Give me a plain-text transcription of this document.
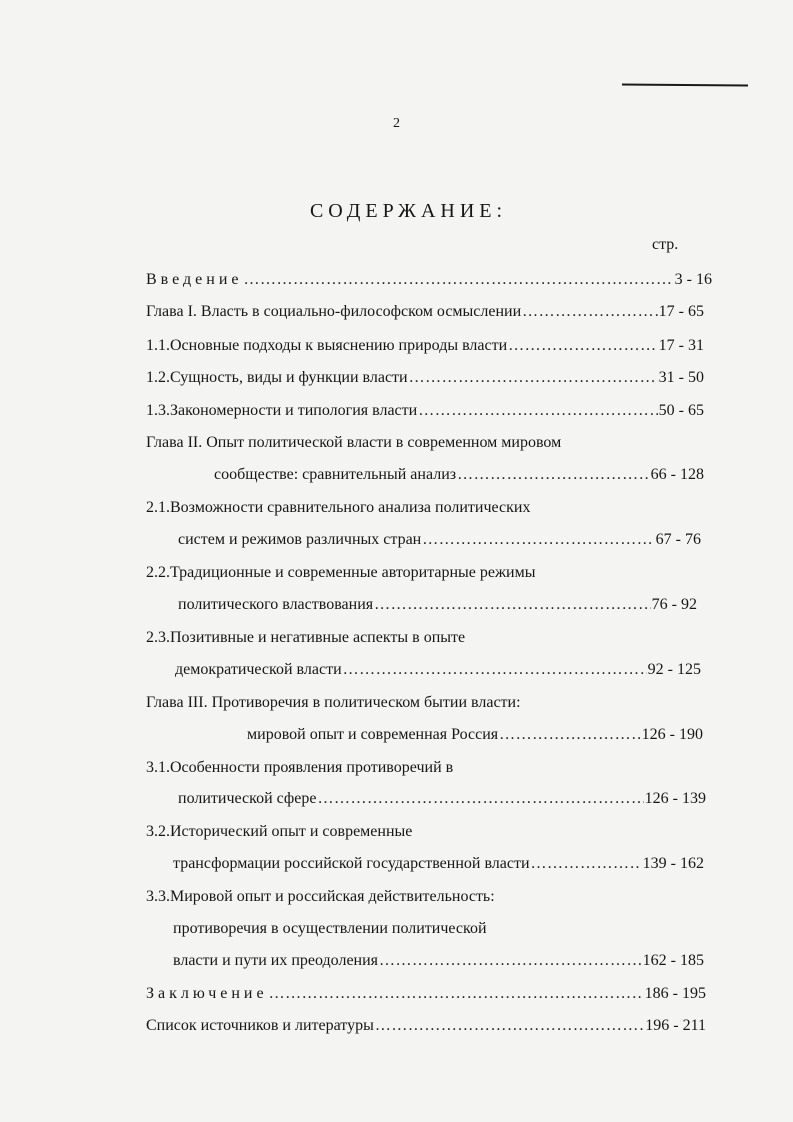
2
СОДЕРЖАНИЕ:
стр.
Введение ……………………………………………………………………………………………………………………………………………………………	3 - 16
Глава I. Власть в социально-философском осмыслении ……………………………………………………………………………………………………………………………………………………………	17 - 65
1.1.Основные подходы к выяснению природы власти ……………………………………………………………………………………………………………………………………………………………	17 - 31
1.2.Сущность, виды и функции власти ……………………………………………………………………………………………………………………………………………………………	31 - 50
1.3.Закономерности и типология власти ……………………………………………………………………………………………………………………………………………………………	50 - 65
Глава II. Опыт политической власти в современном мировом
сообществе: сравнительный анализ ……………………………………………………………………………………………………………………………………………………………	66 - 128
2.1.Возможности сравнительного анализа политических
систем и режимов различных стран ……………………………………………………………………………………………………………………………………………………………	67 - 76
2.2.Традиционные и современные авторитарные режимы
политического властвования ……………………………………………………………………………………………………………………………………………………………	76 - 92
2.3.Позитивные и негативные аспекты в опыте
демократической власти ……………………………………………………………………………………………………………………………………………………………	92 - 125
Глава III. Противоречия в политическом бытии власти:
мировой опыт и современная Россия ……………………………………………………………………………………………………………………………………………………………	126 - 190
3.1.Особенности проявления противоречий в
политической сфере ……………………………………………………………………………………………………………………………………………………………	126 - 139
3.2.Исторический опыт и современные
трансформации российской государственной власти ……………………………………………………………………………………………………………………………………………………………	139 - 162
3.3.Мировой опыт и российская действительность:
противоречия в осуществлении политической
власти и пути их преодоления ……………………………………………………………………………………………………………………………………………………………	162 - 185
Заключение ……………………………………………………………………………………………………………………………………………………………	186 - 195
Список источников и литературы ……………………………………………………………………………………………………………………………………………………………	196 - 211
